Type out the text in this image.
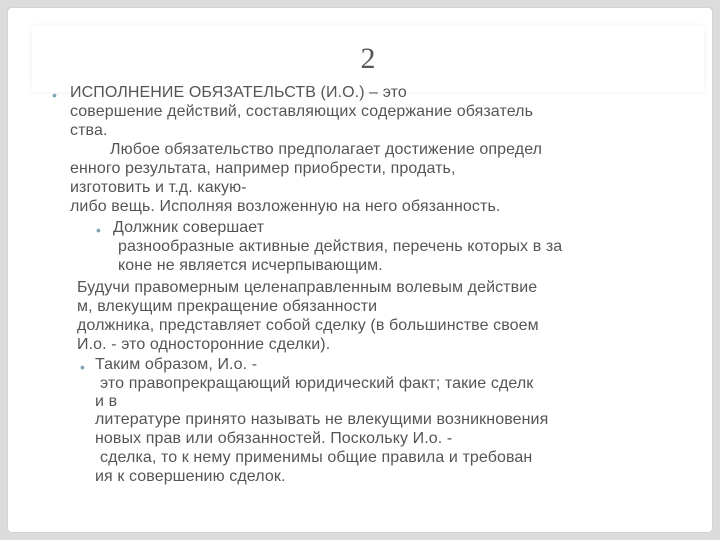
2
• ИСПОЛНЕНИЕ ОБЯЗАТЕЛЬСТВ (И.О.) – это
совершение действий, составляющих содержание обязатель
ства.
Любое обязательство предполагает достижение определ
енного результата, например приобрести, продать,
изготовить и т.д. какую-
либо вещь. Исполняя возложенную на него обязанность.
• Должник совершает
разнообразные активные действия, перечень которых в за
коне не является исчерпывающим.
Будучи правомерным целенаправленным волевым действие
м, влекущим прекращение обязанности
должника, представляет собой сделку (в большинстве своем
И.о. - это односторонние сделки).
• Таким образом, И.о. -
это правопрекращающий юридический факт; такие сделк
и в
литературе принято называть не влекущими возникновения
новых прав или обязанностей. Поскольку И.о. -
сделка, то к нему применимы общие правила и требован
ия к совершению сделок.
